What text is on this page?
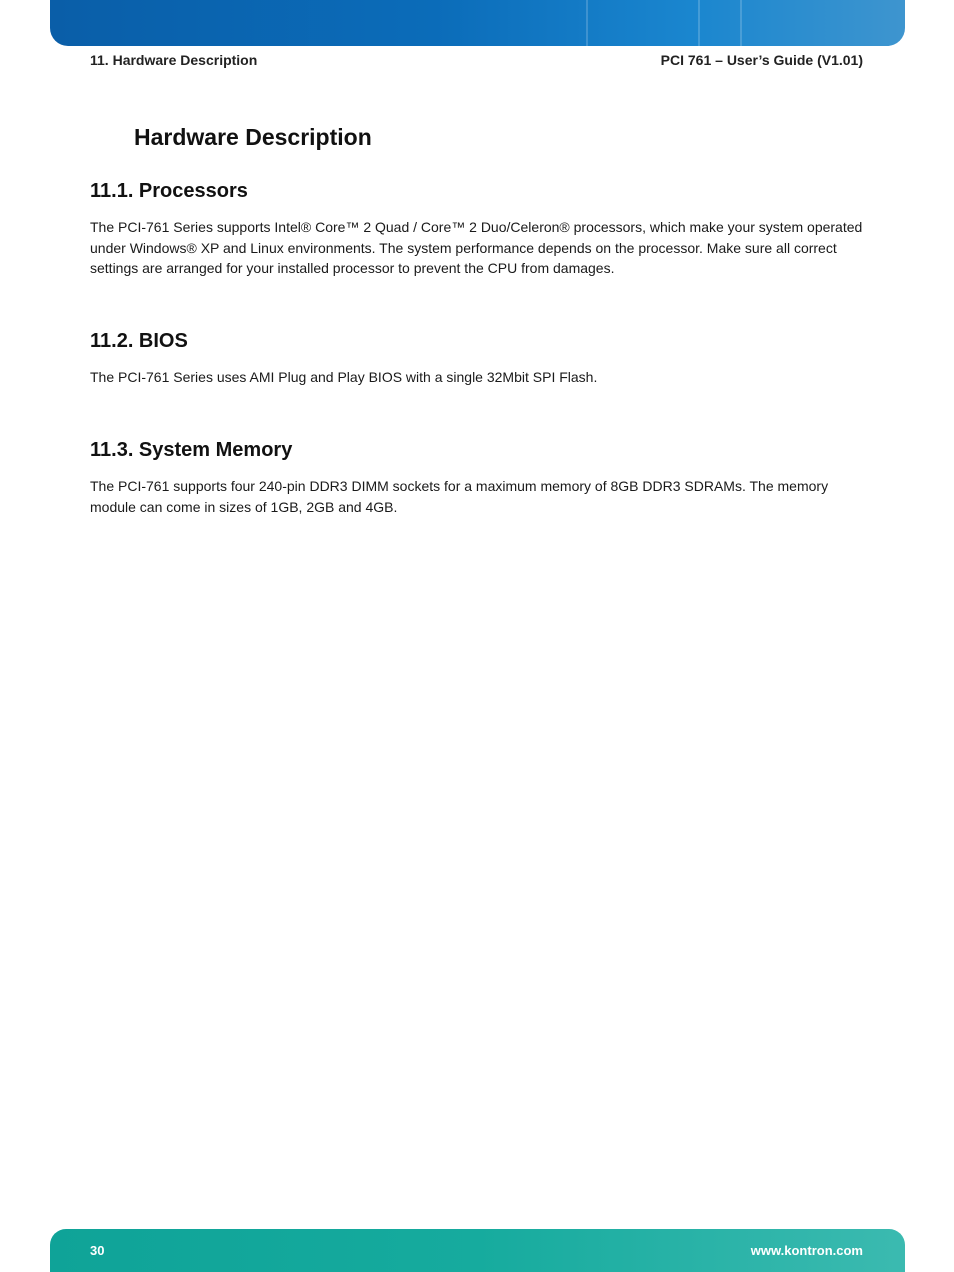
11. Hardware Description	PCI 761 – User’s Guide (V1.01)
Hardware Description
11.1. Processors

The PCI-761 Series supports Intel® Core™ 2 Quad / Core™ 2 Duo/Celeron® processors, which make your system operated under Windows® XP and Linux environments. The system performance depends on the processor. Make sure all correct settings are arranged for your installed processor to prevent the CPU from damages.

11.2. BIOS

The PCI-761 Series uses AMI Plug and Play BIOS with a single 32Mbit SPI Flash.

11.3. System Memory

The PCI-761 supports four 240-pin DDR3 DIMM sockets for a maximum memory of 8GB DDR3 SDRAMs. The memory module can come in sizes of 1GB, 2GB and 4GB.

30	www.kontron.com
